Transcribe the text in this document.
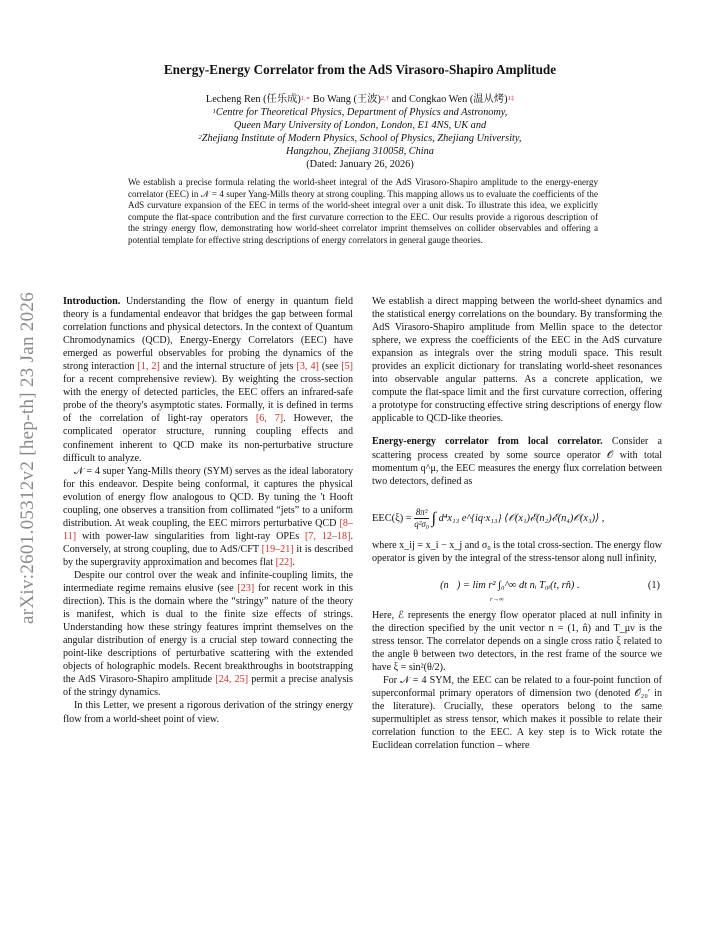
arXiv:2601.05312v2 [hep-th] 23 Jan 2026
Energy-Energy Correlator from the AdS Virasoro-Shapiro Amplitude
Lecheng Ren (任乐成)$^{1,∗}$ Bo Wang (王波)$^{2,\dagger}$ and Congkao Wen (温从烤)$^{1\ddagger}$
$^1$Centre for Theoretical Physics, Department of Physics and Astronomy,
Queen Mary University of London, London, E1 4NS, UK and
$^2$Zhejiang Institute of Modern Physics, School of Physics, Zhejiang University,
Hangzhou, Zhejiang 310058, China
(Dated: January 26, 2026)
We establish a precise formula relating the world-sheet integral of the AdS Virasoro-Shapiro amplitude to the energy-energy correlator (EEC) in 𝒩 = 4 super Yang-Mills theory at strong coupling. This mapping allows us to evaluate the coefficients of the AdS curvature expansion of the EEC in terms of the world-sheet integral over a unit disk. To illustrate this idea, we explicitly compute the flat-space contribution and the first curvature correction to the EEC. Our results provide a rigorous description of the stringy energy flow, demonstrating how world-sheet correlator imprint themselves on collider observables and offering a potential template for effective string descriptions of energy correlators in general gauge theories.

Introduction. Understanding the flow of energy in quantum field theory is a fundamental endeavor that bridges the gap between formal correlation functions and physical detectors. In the context of Quantum Chromodynamics (QCD), Energy-Energy Correlators (EEC) have emerged as powerful observables for probing the dynamics of the strong interaction [1, 2] and the internal structure of jets [3, 4] (see [5] for a recent comprehensive review). By weighting the cross-section with the energy of detected particles, the EEC offers an infrared-safe probe of the theory's asymptotic states. Formally, it is defined in terms of the correlation of light-ray operators [6, 7]. However, the complicated operator structure, running coupling effects and confinement inherent to QCD make its non-perturbative structure difficult to analyze.

𝒩 = 4 super Yang-Mills theory (SYM) serves as the ideal laboratory for this endeavor. Despite being conformal, it captures the physical evolution of energy flow analogous to QCD. By tuning the 't Hooft coupling, one observes a transition from collimated “jets” to a uniform distribution. At weak coupling, the EEC mirrors perturbative QCD [8–11] with power-law singularities from light-ray OPEs [7, 12–18]. Conversely, at strong coupling, due to AdS/CFT [19–21] it is described by the supergravity approximation and becomes flat [22].

Despite our control over the weak and infinite-coupling limits, the intermediate regime remains elusive (see [23] for recent work in this direction). This is the domain where the “stringy” nature of the theory is manifest, which is dual to the finite size effects of strings. Understanding how these stringy features imprint themselves on the angular distribution of energy is a crucial step toward connecting the point-like descriptions of perturbative scattering with the extended objects of holographic models. Recent breakthroughs in bootstrapping the AdS Virasoro-Shapiro amplitude [24, 25] permit a precise analysis of the stringy dynamics.

In this Letter, we present a rigorous derivation of the stringy energy flow from a world-sheet point of view.

We establish a direct mapping between the world-sheet dynamics and the statistical energy correlations on the boundary. By transforming the AdS Virasoro-Shapiro amplitude from Mellin space to the detector sphere, we express the coefficients of the EEC in the AdS curvature expansion as integrals over the string moduli space. This result provides an explicit dictionary for translating world-sheet resonances into observable angular patterns. As a concrete application, we compute the flat-space limit and the first curvature correction, offering a prototype for constructing effective string descriptions of energy flow applicable to QCD-like theories.

Energy-energy correlator from local correlator. Consider a scattering process created by some source operator 𝒪 with total momentum q^μ, the EEC measures the energy flux correlation between two detectors, defined as

$EEC(\xi) = \frac{\text{8π²}}{\text{q²σ₀}}$ ∫ d⁴x₁₃ e^{iq·x₁₃} ⟨𝒪(x₁)ℰ(n₂)ℰ(n₄)𝒪(x₃)⟩ ,

where x_ij = x_i − x_j and σ₀ is the total cross-section. The energy flow operator is given by the integral of the stress-tensor along null infinity,

ℰ(n⃗) = lim r² ∫₀^∞ dt nᵢ T₀ᵢ(t, rn̂) .	(1)
r→∞

Here, ℰ represents the energy flow operator placed at null infinity in the direction specified by the unit vector n = (1, n̂) and T_μν is the stress tensor. The correlator depends on a single cross ratio ξ related to the angle θ between two detectors, in the rest frame of the source we have ξ = sin²(θ/2).

For 𝒩 = 4 SYM, the EEC can be related to a four-point function of superconformal primary operators of dimension two (denoted 𝒪₂₀′ in the literature). Crucially, these operators belong to the same supermultiplet as stress tensor, which makes it possible to relate their correlation function to the EEC. A key step is to Wick rotate the Euclidean correlation function – where
